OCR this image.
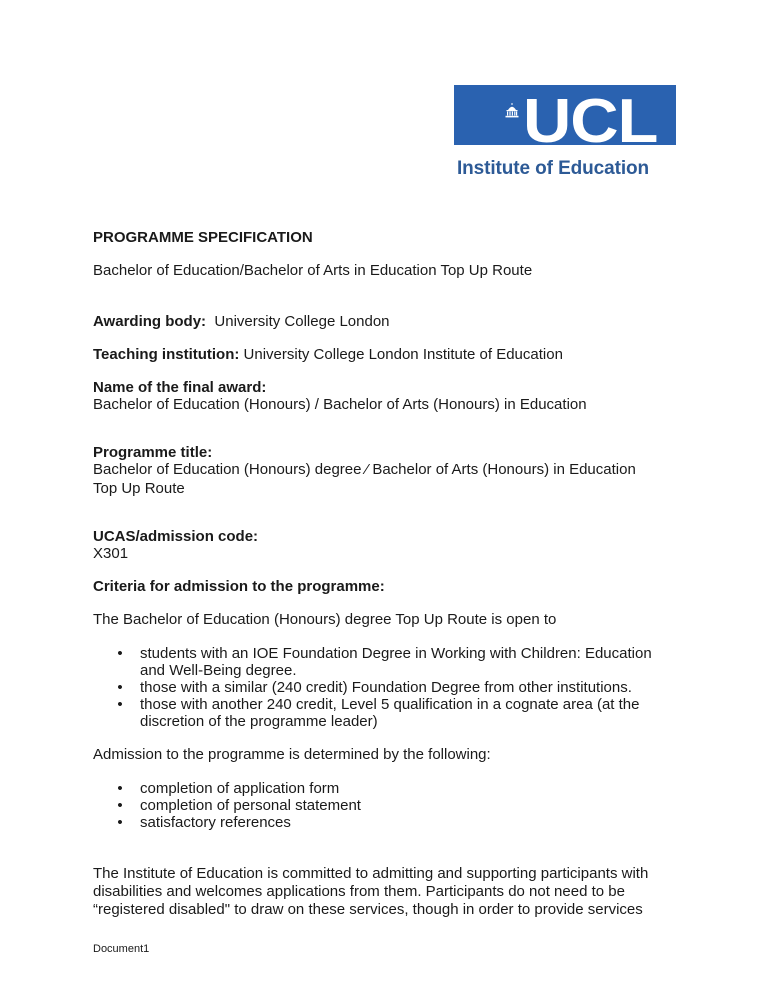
UCL
Institute of Education

PROGRAMME SPECIFICATION

Bachelor of Education/Bachelor of Arts in Education Top Up Route

Awarding body: University College London

Teaching institution: University College London Institute of Education

Name of the final award:

Bachelor of Education (Honours) / Bachelor of Arts (Honours) in Education

Programme title:

Bachelor of Education (Honours) degree ⁄ Bachelor of Arts (Honours) in Education

Top Up Route

UCAS/admission code:

X301

Criteria for admission to the programme:

The Bachelor of Education (Honours) degree Top Up Route is open to

• students with an IOE Foundation Degree in Working with Children: Education
and Well-Being degree.
• those with a similar (240 credit) Foundation Degree from other institutions.
• those with another 240 credit, Level 5 qualification in a cognate area (at the
discretion of the programme leader)

Admission to the programme is determined by the following:

• completion of application form
• completion of personal statement
• satisfactory references
The Institute of Education is committed to admitting and supporting participants with
disabilities and welcomes applications from them. Participants do not need to be
“registered disabled" to draw on these services, though in order to provide services
Document1
